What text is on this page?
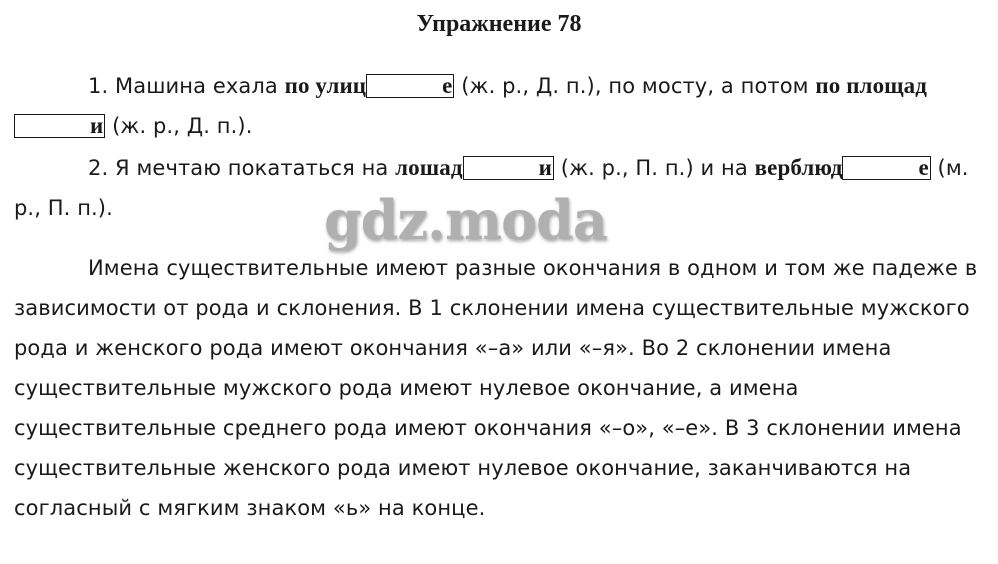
Упражнение 78

1. Машина ехала по улиц	е (ж. р., Д. п.), по мосту, а потом по площади (ж. р., Д. п.).

2. Я мечтаю покататься на лошад	и (ж. р., П. п.) и на верблюд	е (м. р., П. п.).	gdz.moda

Имена существительные имеют разные окончания в одном и том же падеже в зависимости от рода и склонения. В 1 склонении имена существительные мужского рода и женского рода имеют окончания «–а» или «–я». Во 2 склонении имена существительные мужского рода имеют нулевое окончание, а имена существительные среднего рода имеют окончания «–о», «–е». В 3 склонении имена существительные женского рода имеют нулевое окончание, заканчиваются на согласный с мягким знаком «ь» на конце.
